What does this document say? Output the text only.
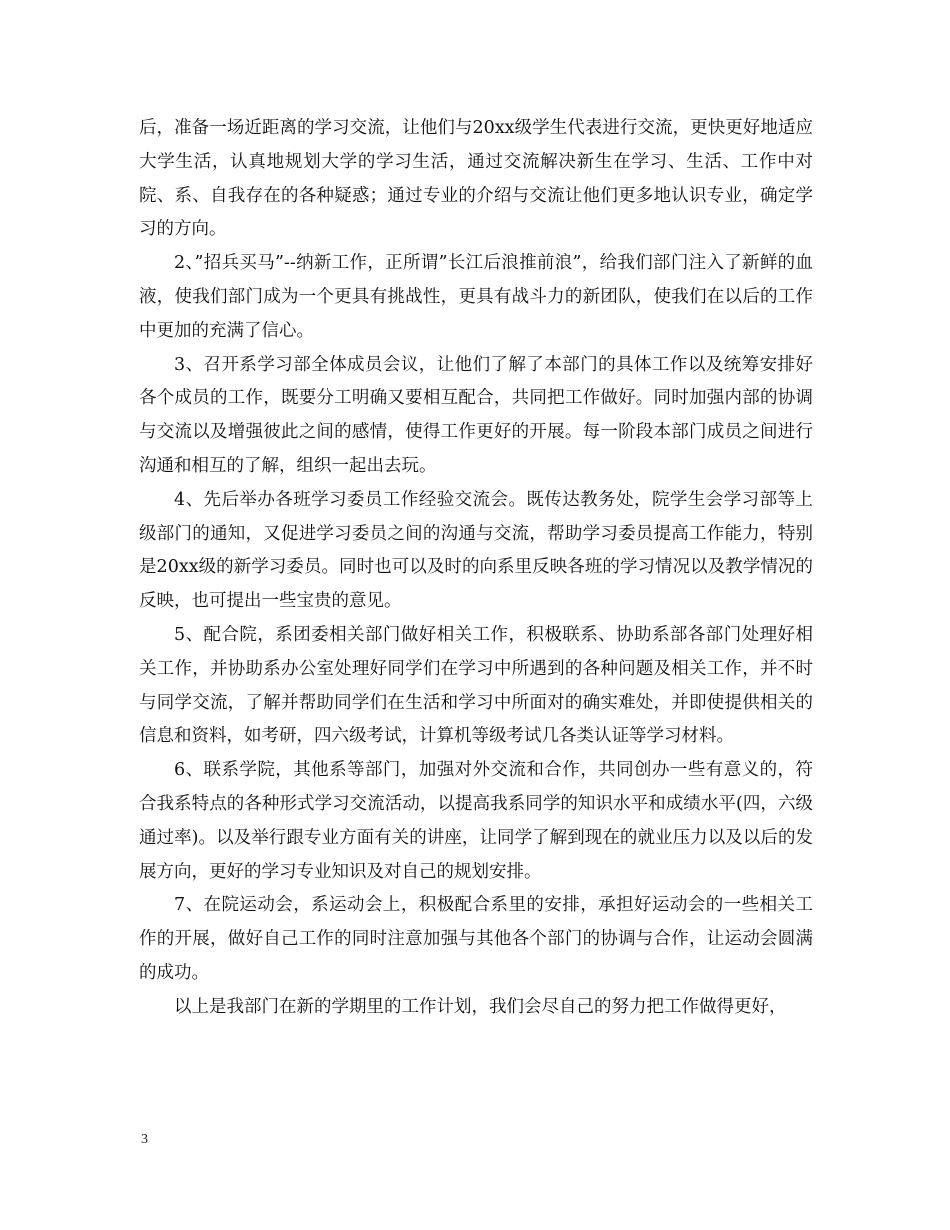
后，准备一场近距离的学习交流，让他们与20xx级学生代表进行交流，更快更好地适应大学生活，认真地规划大学的学习生活，通过交流解决新生在学习、生活、工作中对院、系、自我存在的各种疑惑；通过专业的介绍与交流让他们更多地认识专业，确定学习的方向。

2、”招兵买马”--纳新工作，正所谓”长江后浪推前浪”，给我们部门注入了新鲜的血液，使我们部门成为一个更具有挑战性，更具有战斗力的新团队，使我们在以后的工作中更加的充满了信心。

3、召开系学习部全体成员会议，让他们了解了本部门的具体工作以及统筹安排好各个成员的工作，既要分工明确又要相互配合，共同把工作做好。同时加强内部的协调与交流以及增强彼此之间的感情，使得工作更好的开展。每一阶段本部门成员之间进行沟通和相互的了解，组织一起出去玩。

4、先后举办各班学习委员工作经验交流会。既传达教务处，院学生会学习部等上级部门的通知，又促进学习委员之间的沟通与交流，帮助学习委员提高工作能力，特别是20xx级的新学习委员。同时也可以及时的向系里反映各班的学习情况以及教学情况的反映，也可提出一些宝贵的意见。

5、配合院，系团委相关部门做好相关工作，积极联系、协助系部各部门处理好相关工作，并协助系办公室处理好同学们在学习中所遇到的各种问题及相关工作，并不时与同学交流，了解并帮助同学们在生活和学习中所面对的确实难处，并即使提供相关的信息和资料，如考研，四六级考试，计算机等级考试几各类认证等学习材料。

6、联系学院，其他系等部门，加强对外交流和合作，共同创办一些有意义的，符合我系特点的各种形式学习交流活动，以提高我系同学的知识水平和成绩水平(四，六级通过率)。以及举行跟专业方面有关的讲座，让同学了解到现在的就业压力以及以后的发展方向，更好的学习专业知识及对自己的规划安排。

7、在院运动会，系运动会上，积极配合系里的安排，承担好运动会的一些相关工作的开展，做好自己工作的同时注意加强与其他各个部门的协调与合作，让运动会圆满的成功。

以上是我部门在新的学期里的工作计划，我们会尽自己的努力把工作做得更好，

3
